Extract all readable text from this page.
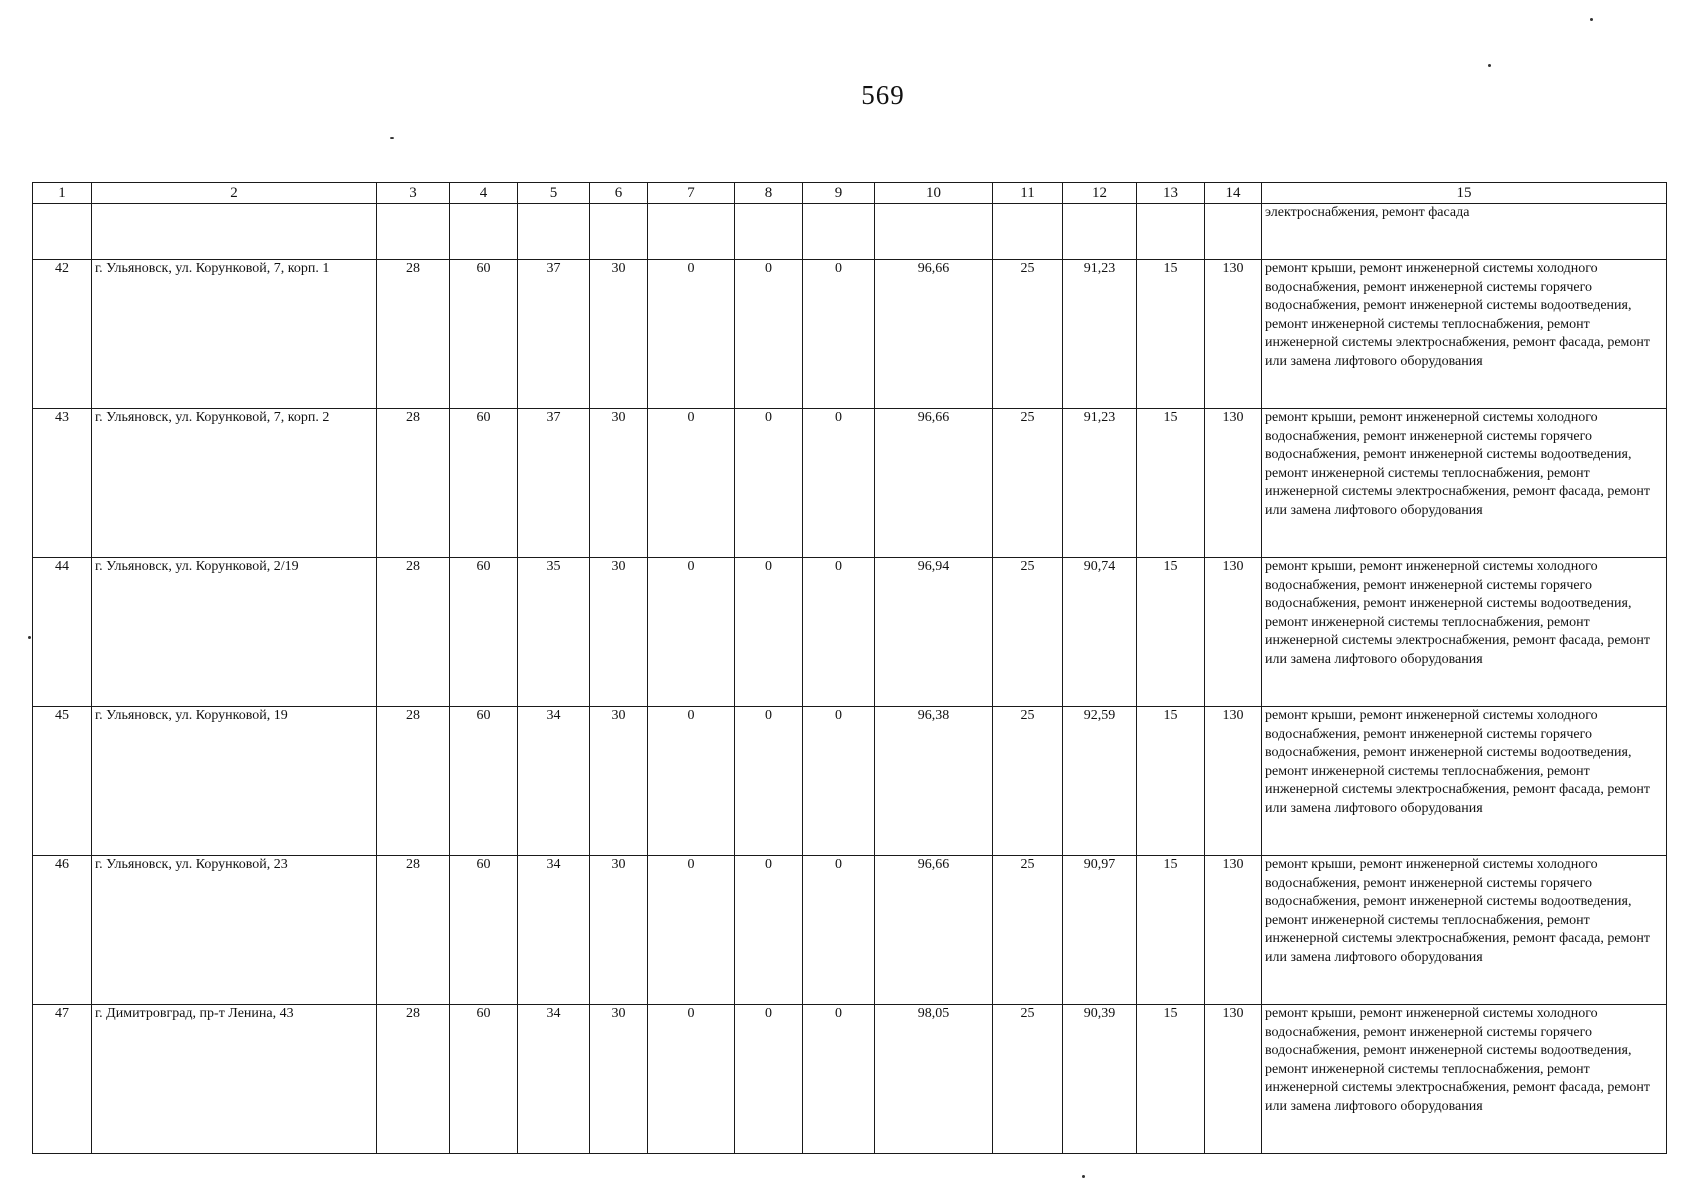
569
1	2	3	4	5	6	7	8	9	10	11	12	13	14	15
														электроснабжения, ремонт фасада
42	г. Ульяновск, ул. Корунковой, 7, корп. 1	28	60	37	30	0	0	0	96,66	25	91,23	15	130	ремонт крыши, ремонт инженерной системы холодного водоснабжения, ремонт инженерной системы горячего водоснабжения, ремонт инженерной системы водоотведения, ремонт инженерной системы теплоснабжения, ремонт инженерной системы электроснабжения, ремонт фасада, ремонт или замена лифтового оборудования
43	г. Ульяновск, ул. Корунковой, 7, корп. 2	28	60	37	30	0	0	0	96,66	25	91,23	15	130	ремонт крыши, ремонт инженерной системы холодного водоснабжения, ремонт инженерной системы горячего водоснабжения, ремонт инженерной системы водоотведения, ремонт инженерной системы теплоснабжения, ремонт инженерной системы электроснабжения, ремонт фасада, ремонт или замена лифтового оборудования
44	г. Ульяновск, ул. Корунковой, 2/19	28	60	35	30	0	0	0	96,94	25	90,74	15	130	ремонт крыши, ремонт инженерной системы холодного водоснабжения, ремонт инженерной системы горячего водоснабжения, ремонт инженерной системы водоотведения, ремонт инженерной системы теплоснабжения, ремонт инженерной системы электроснабжения, ремонт фасада, ремонт или замена лифтового оборудования
45	г. Ульяновск, ул. Корунковой, 19	28	60	34	30	0	0	0	96,38	25	92,59	15	130	ремонт крыши, ремонт инженерной системы холодного водоснабжения, ремонт инженерной системы горячего водоснабжения, ремонт инженерной системы водоотведения, ремонт инженерной системы теплоснабжения, ремонт инженерной системы электроснабжения, ремонт фасада, ремонт или замена лифтового оборудования
46	г. Ульяновск, ул. Корунковой, 23	28	60	34	30	0	0	0	96,66	25	90,97	15	130	ремонт крыши, ремонт инженерной системы холодного водоснабжения, ремонт инженерной системы горячего водоснабжения, ремонт инженерной системы водоотведения, ремонт инженерной системы теплоснабжения, ремонт инженерной системы электроснабжения, ремонт фасада, ремонт или замена лифтового оборудования
47	г. Димитровград, пр-т Ленина, 43	28	60	34	30	0	0	0	98,05	25	90,39	15	130	ремонт крыши, ремонт инженерной системы холодного водоснабжения, ремонт инженерной системы горячего водоснабжения, ремонт инженерной системы водоотведения, ремонт инженерной системы теплоснабжения, ремонт инженерной системы электроснабжения, ремонт фасада, ремонт или замена лифтового оборудования
